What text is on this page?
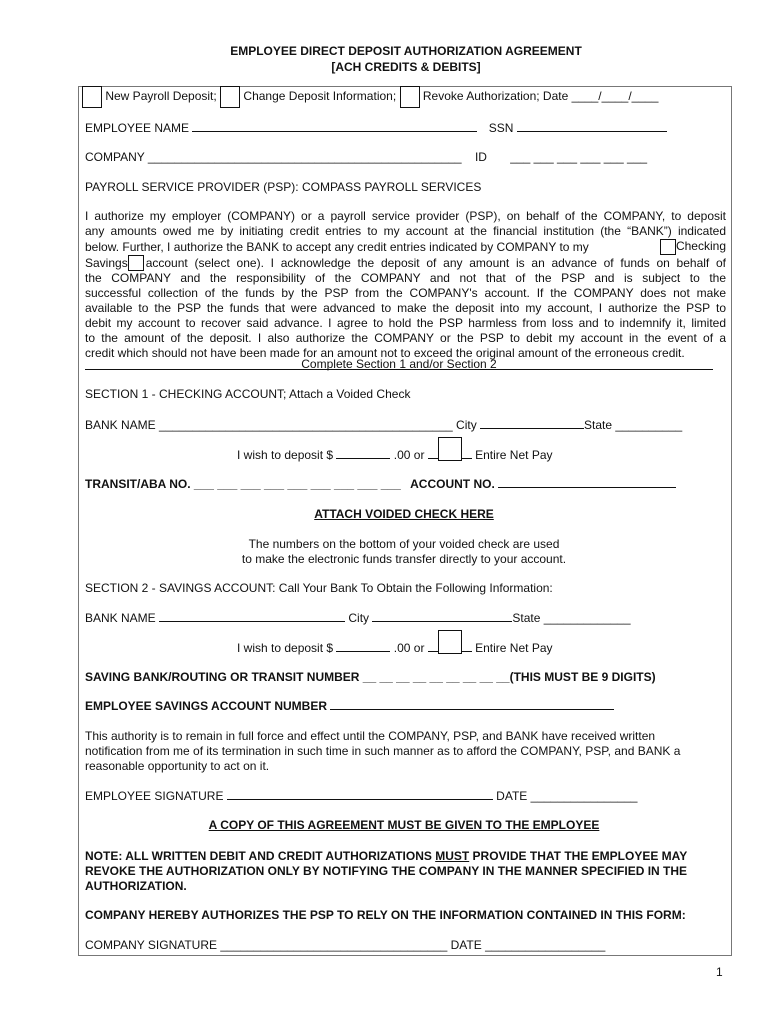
EMPLOYEE DIRECT DEPOSIT AUTHORIZATION AGREEMENT
[ACH CREDITS & DEBITS]
New Payroll Deposit; Change Deposit Information; Revoke Authorization; Date ____/____/____
EMPLOYEE NAME	SSN
COMPANY _______________________________________________ ID ___ ___ ___ ___ ___ ___
PAYROLL SERVICE PROVIDER (PSP): COMPASS PAYROLL SERVICES
I authorize my employer (COMPANY) or a payroll service provider (PSP), on behalf of the COMPANY, to deposit
any amounts owed me by initiating credit entries to my account at the financial institution (the “BANK”) indicated
below. Further, I authorize the BANK to accept any credit entries indicated by COMPANY to my	Checking
Savings account (select one). I acknowledge the deposit of any amount is an advance of funds on behalf of
the COMPANY and the responsibility of the COMPANY and not that of the PSP and is subject to the
successful collection of the funds by the PSP from the COMPANY's account. If the COMPANY does not make
available to the PSP the funds that were advanced to make the deposit into my account, I authorize the PSP to
debit my account to recover said advance. I agree to hold the PSP harmless from loss and to indemnify it, limited
to the amount of the deposit. I also authorize the COMPANY or the PSP to debit my account in the event of a
credit which should not have been made for an amount not to exceed the original amount of the erroneous credit.
Complete Section 1 and/or Section 2
SECTION 1 - CHECKING ACCOUNT; Attach a Voided Check
BANK NAME ____________________________________________ City	State __________
I wish to deposit $	.00 or	Entire Net Pay
TRANSIT/ABA NO. ___ ___ ___ ___ ___ ___ ___ ___ ___ ACCOUNT NO.
ATTACH VOIDED CHECK HERE
The numbers on the bottom of your voided check are used
to make the electronic funds transfer directly to your account.
SECTION 2 - SAVINGS ACCOUNT: Call Your Bank To Obtain the Following Information:
BANK NAME	City	State _____________
I wish to deposit $	.00 or	Entire Net Pay
SAVING BANK/ROUTING OR TRANSIT NUMBER __ __ __ __ __ __ __ __ __(THIS MUST BE 9 DIGITS)
EMPLOYEE SAVINGS ACCOUNT NUMBER
This authority is to remain in full force and effect until the COMPANY, PSP, and BANK have received written
notification from me of its termination in such time in such manner as to afford the COMPANY, PSP, and BANK a
reasonable opportunity to act on it.
EMPLOYEE SIGNATURE	DATE ________________
A COPY OF THIS AGREEMENT MUST BE GIVEN TO THE EMPLOYEE
NOTE: ALL WRITTEN DEBIT AND CREDIT AUTHORIZATIONS MUST PROVIDE THAT THE EMPLOYEE MAY
REVOKE THE AUTHORIZATION ONLY BY NOTIFYING THE COMPANY IN THE MANNER SPECIFIED IN THE
AUTHORIZATION.
COMPANY HEREBY AUTHORIZES THE PSP TO RELY ON THE INFORMATION CONTAINED IN THIS FORM:
COMPANY SIGNATURE __________________________________ DATE __________________
1
